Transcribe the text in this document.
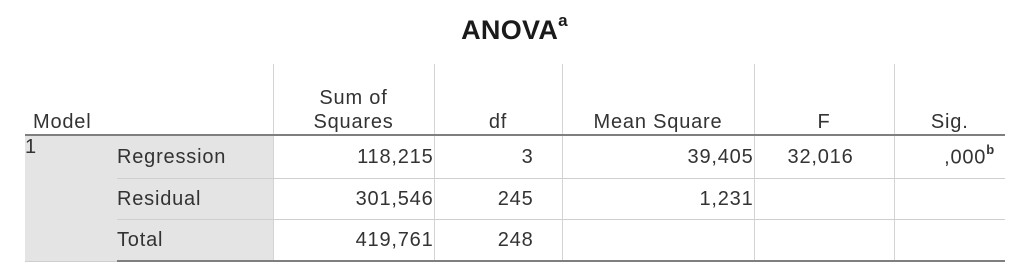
ANOVA$^a$
Model		Sum of
Squares	df	Mean Square	F	Sig.
1	Regression	118,215	3	39,405	32,016	,000$^b$
	Residual	301,546	245	1,231		
	Total	419,761	248			
